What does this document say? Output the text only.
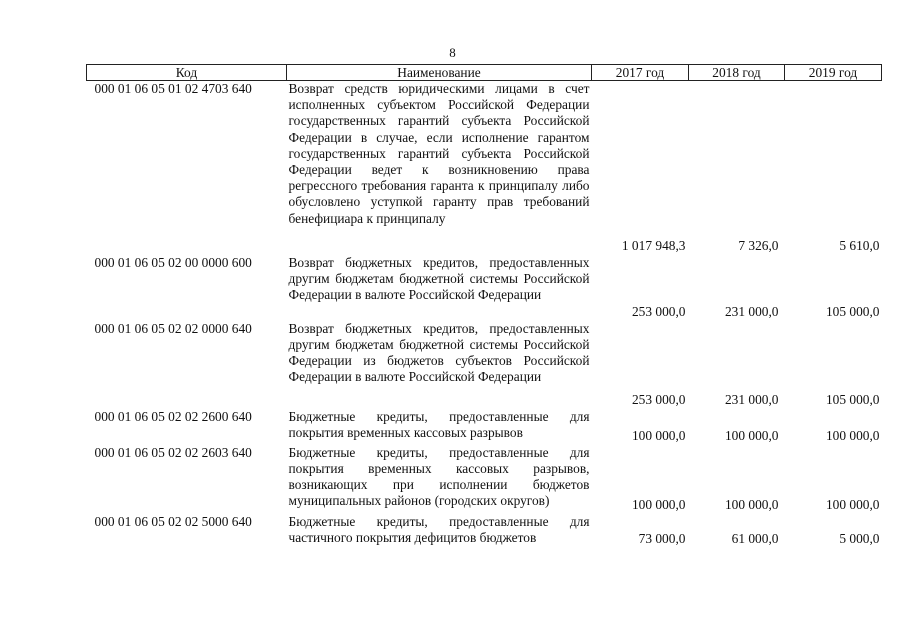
8
Код	Наименование	2017 год	2018 год	2019 год
000 01 06 05 01 02 4703 640	Возврат средств юридическими лицами в счет исполненных субъектом Российской Федерации государственных гарантий субъекта Российской Федерации в случае, если исполнение гарантом государственных гарантий субъекта Российской Федерации ведет к возникновению права регрессного требования гаранта к принципалу либо обусловлено уступкой гаранту прав требований бенефициара к принципалу	1 017 948,3	7 326,0	5 610,0
000 01 06 05 02 00 0000 600	Возврат бюджетных кредитов, предоставленных другим бюджетам бюджетной системы Российской Федерации в валюте Российской Федерации	253 000,0	231 000,0	105 000,0
000 01 06 05 02 02 0000 640	Возврат бюджетных кредитов, предоставленных другим бюджетам бюджетной системы Российской Федерации из бюджетов субъектов Российской Федерации в валюте Российской Федерации	253 000,0	231 000,0	105 000,0
000 01 06 05 02 02 2600 640	Бюджетные кредиты, предоставленные для покрытия временных кассовых разрывов	100 000,0	100 000,0	100 000,0
000 01 06 05 02 02 2603 640	Бюджетные кредиты, предоставленные для покрытия временных кассовых разрывов, возникающих при исполнении бюджетов муниципальных районов (городских округов)	100 000,0	100 000,0	100 000,0
000 01 06 05 02 02 5000 640	Бюджетные кредиты, предоставленные для частичного покрытия дефицитов бюджетов	73 000,0	61 000,0	5 000,0
